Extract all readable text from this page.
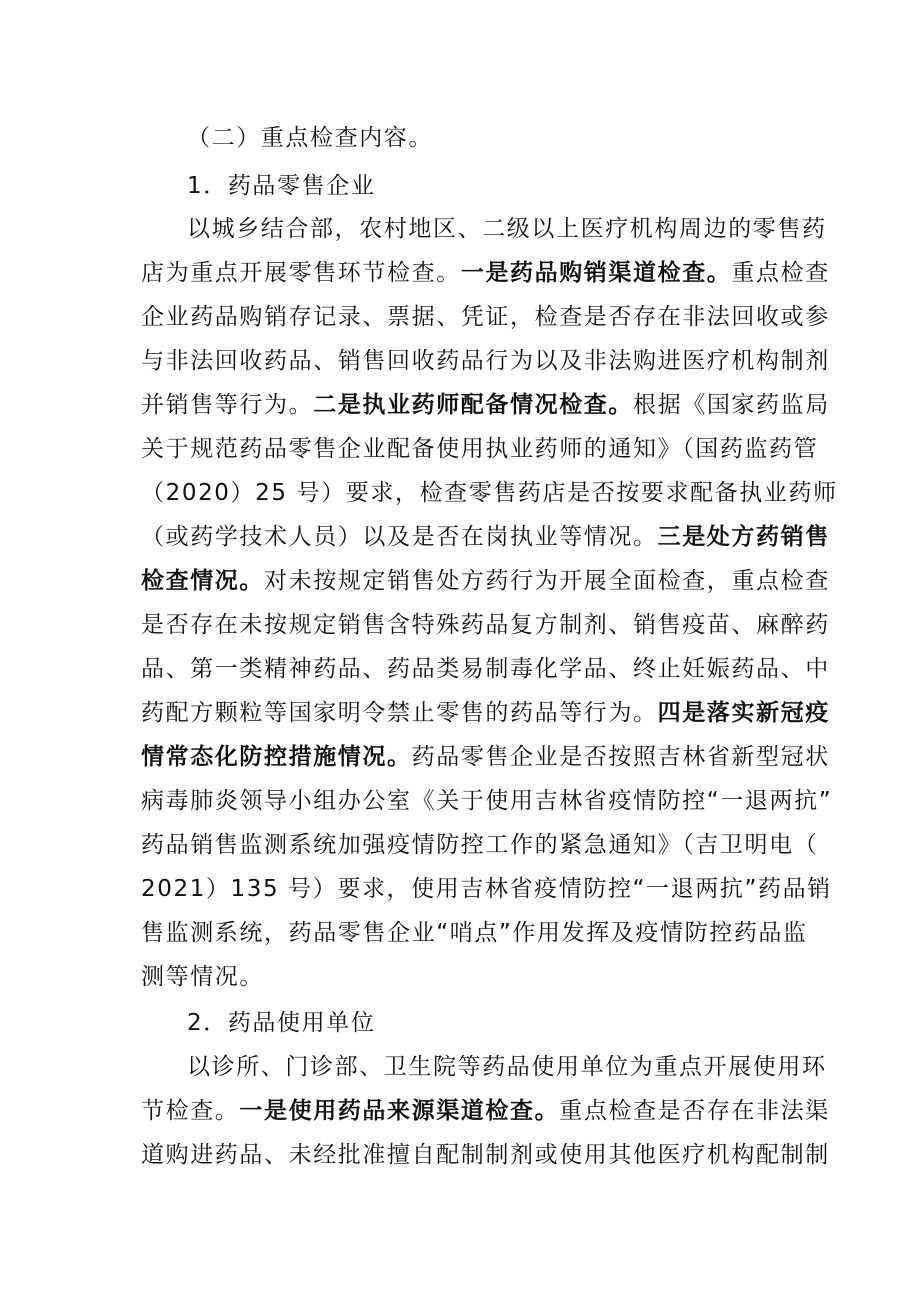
（二）重点检查内容。
1．药品零售企业
以城乡结合部，农村地区、二级以上医疗机构周边的零售药
店为重点开展零售环节检查。一是药品购销渠道检查。重点检查
企业药品购销存记录、票据、凭证，检查是否存在非法回收或参
与非法回收药品、销售回收药品行为以及非法购进医疗机构制剂
并销售等行为。二是执业药师配备情况检查。根据《国家药监局
关于规范药品零售企业配备使用执业药师的通知》（国药监药管
（2020）25 号）要求，检查零售药店是否按要求配备执业药师
（或药学技术人员）以及是否在岗执业等情况。三是处方药销售
检查情况。对未按规定销售处方药行为开展全面检查，重点检查
是否存在未按规定销售含特殊药品复方制剂、销售疫苗、麻醉药
品、第一类精神药品、药品类易制毒化学品、终止妊娠药品、中
药配方颗粒等国家明令禁止零售的药品等行为。四是落实新冠疫
情常态化防控措施情况。药品零售企业是否按照吉林省新型冠状
病毒肺炎领导小组办公室《关于使用吉林省疫情防控“一退两抗”
药品销售监测系统加强疫情防控工作的紧急通知》（吉卫明电（
2021）135 号）要求，使用吉林省疫情防控“一退两抗”药品销
售监测系统，药品零售企业“哨点”作用发挥及疫情防控药品监
测等情况。
2．药品使用单位
以诊所、门诊部、卫生院等药品使用单位为重点开展使用环
节检查。一是使用药品来源渠道检查。重点检查是否存在非法渠
道购进药品、未经批准擅自配制制剂或使用其他医疗机构配制制
